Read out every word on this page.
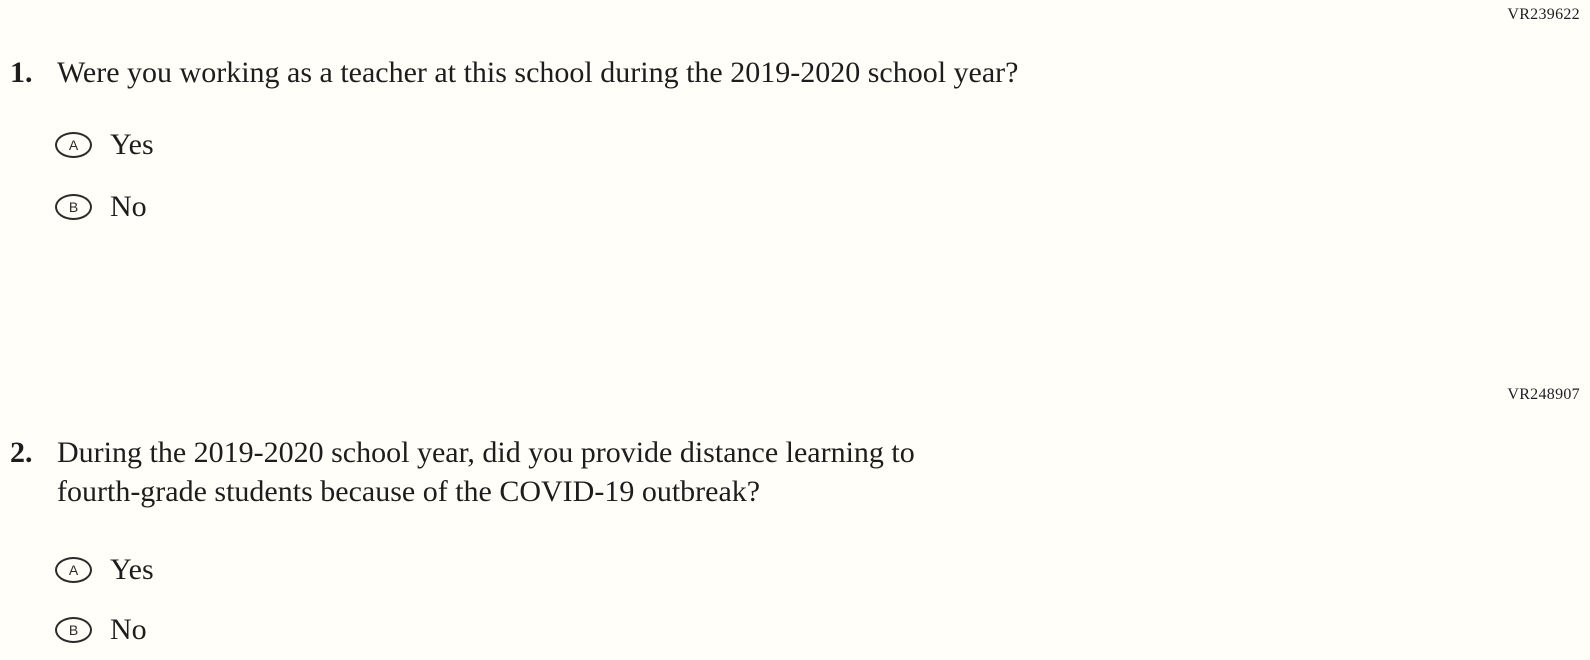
VR239622
1. Were you working as a teacher at this school during the 2019-2020 school year?
A	Yes
B	No
VR248907
2. During the 2019-2020 school year, did you provide distance learning to
fourth-grade students because of the COVID-19 outbreak?
A	Yes
B	No
